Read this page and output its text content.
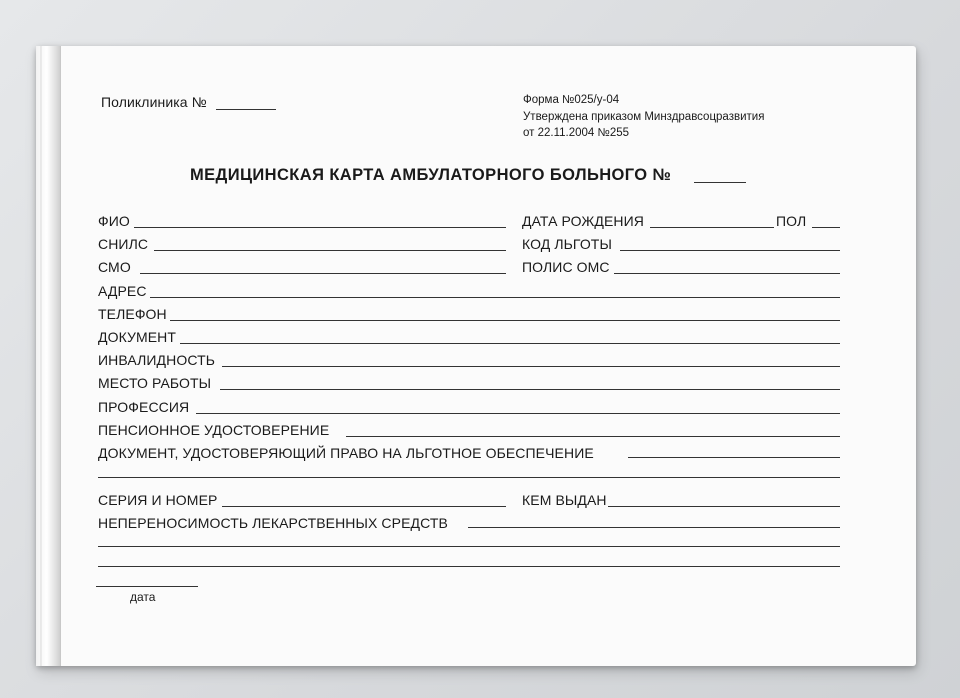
Поликлиника №	Форма №025/у-04
Утверждена приказом Минздравсоцразвития
от 22.11.2004 №255
МЕДИЦИНСКАЯ КАРТА АМБУЛАТОРНОГО БОЛЬНОГО №
ФИО	ДАТА РОЖДЕНИЯ	ПОЛ
СНИЛС	КОД ЛЬГОТЫ
СМО	ПОЛИС ОМС
АДРЕС
ТЕЛЕФОН
ДОКУМЕНТ
ИНВАЛИДНОСТЬ
МЕСТО РАБОТЫ
ПРОФЕССИЯ
ПЕНСИОННОЕ УДОСТОВЕРЕНИЕ
ДОКУМЕНТ, УДОСТОВЕРЯЮЩИЙ ПРАВО НА ЛЬГОТНОЕ ОБЕСПЕЧЕНИЕ
СЕРИЯ И НОМЕР	КЕМ ВЫДАН
НЕПЕРЕНОСИМОСТЬ ЛЕКАРСТВЕННЫХ СРЕДСТВ
дата
